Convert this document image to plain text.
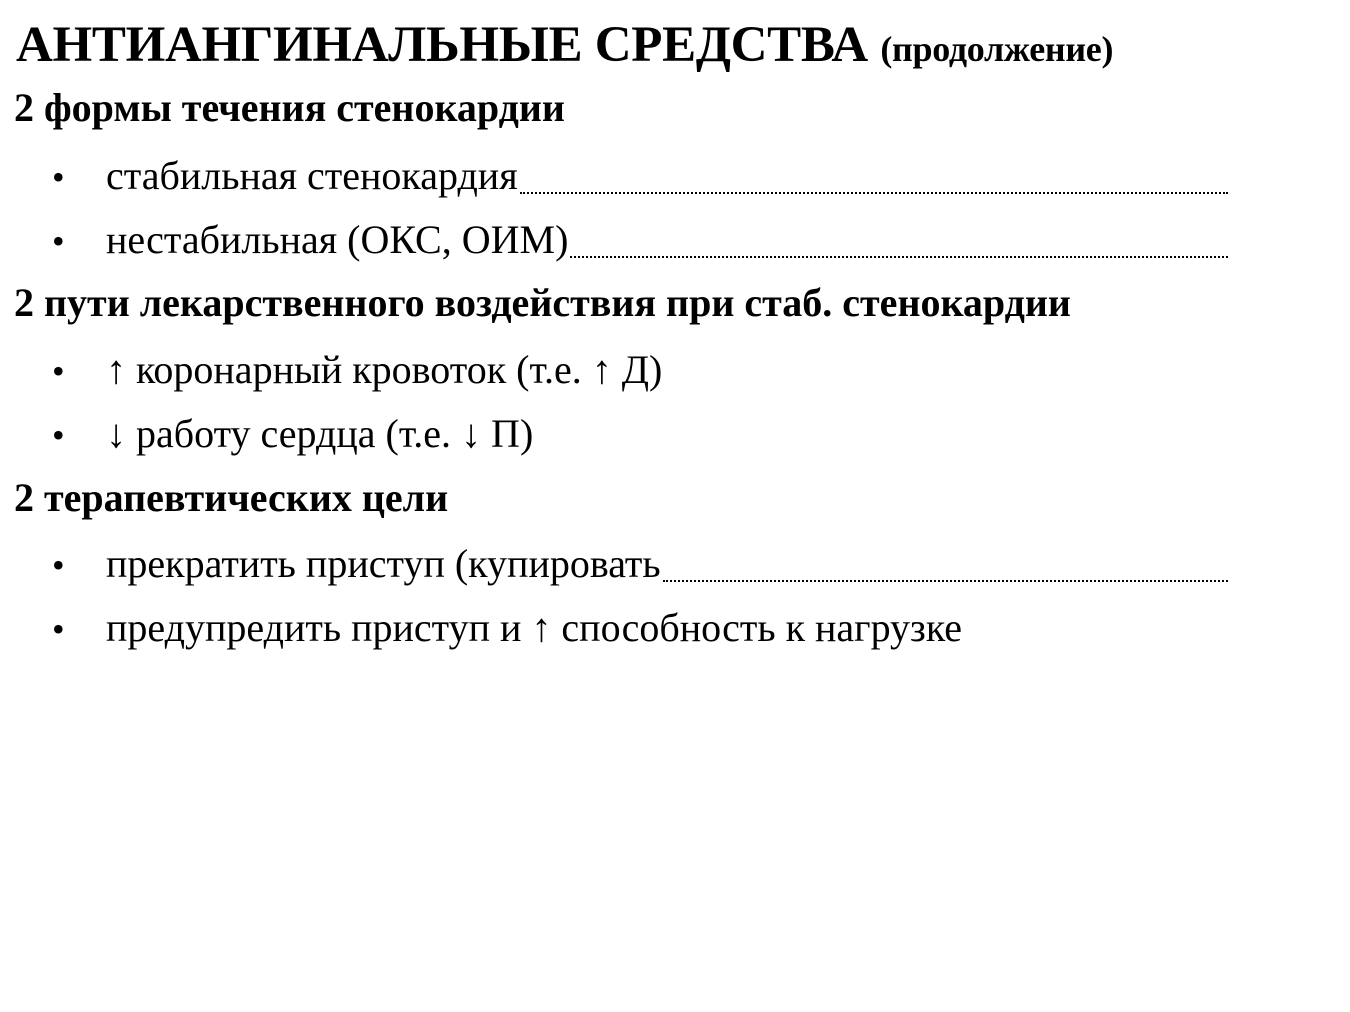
АНТИАНГИНАЛЬНЫЕ СРЕДСТВА (продолжение)
2 формы течения стенокардии
•	стабильная стенокардия
•	нестабильная (ОКС, ОИМ)
2 пути лекарственного воздействия при стаб. стенокардии
•	↑ коронарный кровоток (т.е. ↑ Д)
•	↓ работу сердца (т.е. ↓ П)
2 терапевтических цели
•	прекратить приступ (купировать
•	предупредить приступ и ↑ способность к нагрузке
